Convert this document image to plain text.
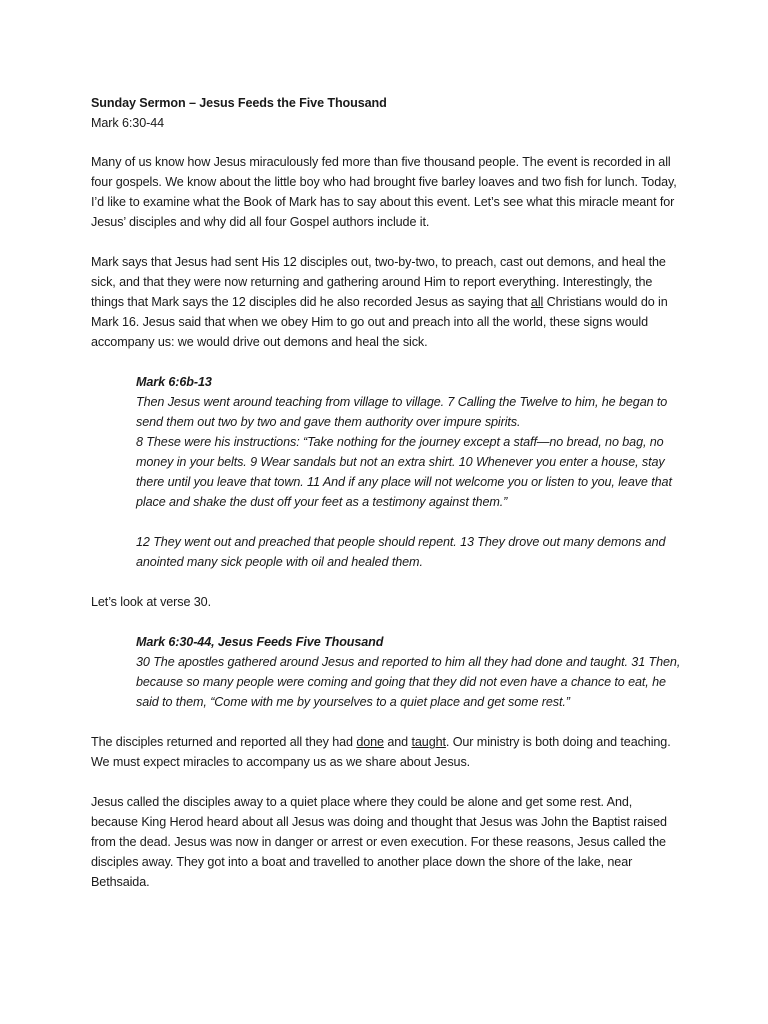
Sunday Sermon – Jesus Feeds the Five Thousand

Mark 6:30-44

Many of us know how Jesus miraculously fed more than five thousand people. The event is recorded in all four gospels. We know about the little boy who had brought five barley loaves and two fish for lunch. Today, I’d like to examine what the Book of Mark has to say about this event. Let’s see what this miracle meant for Jesus’ disciples and why did all four Gospel authors include it.

Mark says that Jesus had sent His 12 disciples out, two-by-two, to preach, cast out demons, and heal the sick, and that they were now returning and gathering around Him to report everything. Interestingly, the things that Mark says the 12 disciples did he also recorded Jesus as saying that all Christians would do in Mark 16. Jesus said that when we obey Him to go out and preach into all the world, these signs would accompany us: we would drive out demons and heal the sick.

Mark 6:6b-13

Then Jesus went around teaching from village to village. 7 Calling the Twelve to him, he began to send them out two by two and gave them authority over impure spirits.

8 These were his instructions: “Take nothing for the journey except a staff—no bread, no bag, no money in your belts. 9 Wear sandals but not an extra shirt. 10 Whenever you enter a house, stay there until you leave that town. 11 And if any place will not welcome you or listen to you, leave that place and shake the dust off your feet as a testimony against them.”

12 They went out and preached that people should repent. 13 They drove out many demons and anointed many sick people with oil and healed them.

Let’s look at verse 30.

Mark 6:30-44, Jesus Feeds Five Thousand

30 The apostles gathered around Jesus and reported to him all they had done and taught. 31 Then, because so many people were coming and going that they did not even have a chance to eat, he said to them, “Come with me by yourselves to a quiet place and get some rest.”

The disciples returned and reported all they had done and taught. Our ministry is both doing and teaching. We must expect miracles to accompany us as we share about Jesus.

Jesus called the disciples away to a quiet place where they could be alone and get some rest. And, because King Herod heard about all Jesus was doing and thought that Jesus was John the Baptist raised from the dead. Jesus was now in danger or arrest or even execution. For these reasons, Jesus called the disciples away. They got into a boat and travelled to another place down the shore of the lake, near Bethsaida.
